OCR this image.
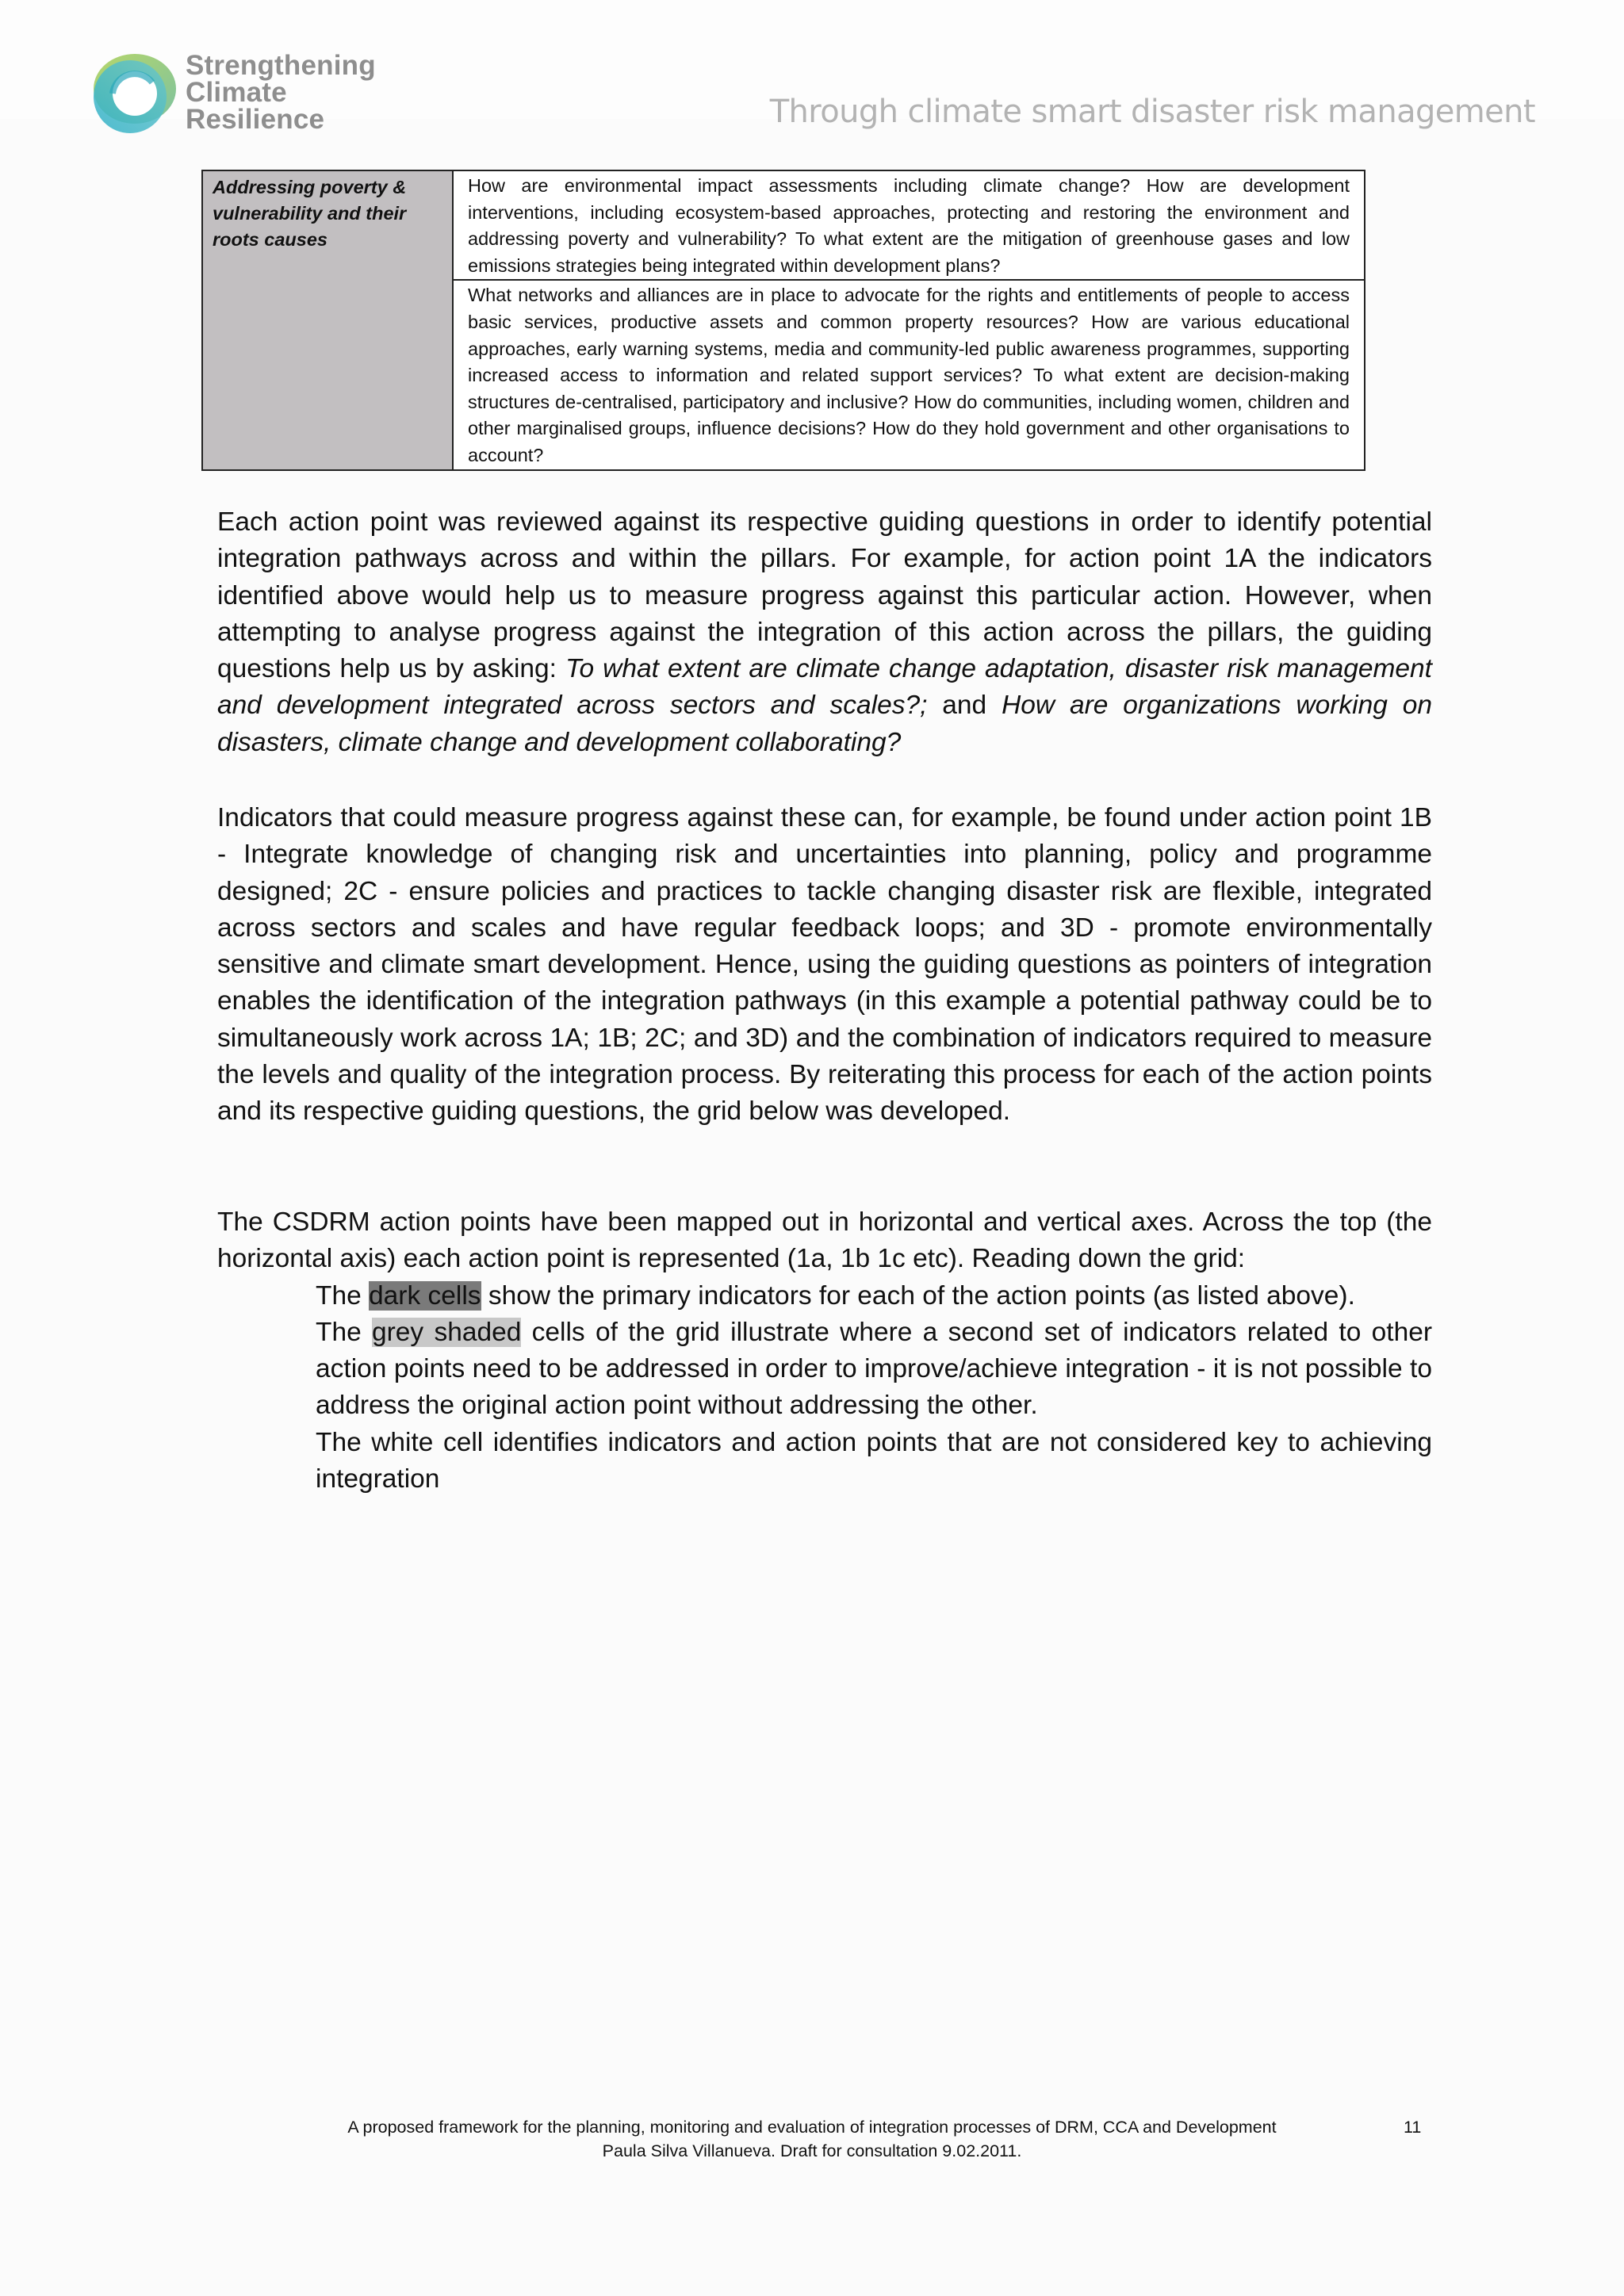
Strengthening
Climate
Resilience	Through climate smart disaster risk management
Addressing poverty & vulnerability and their roots causes	How are environmental impact assessments including climate change? How are development interventions, including ecosystem-based approaches, protecting and restoring the environment and addressing poverty and vulnerability? To what extent are the mitigation of greenhouse gases and low emissions strategies being integrated within development plans?
What networks and alliances are in place to advocate for the rights and entitlements of people to access basic services, productive assets and common property resources? How are various educational approaches, early warning systems, media and community-led public awareness programmes, supporting increased access to information and related support services? To what extent are decision-making structures de-centralised, participatory and inclusive? How do communities, including women, children and other marginalised groups, influence decisions? How do they hold government and other organisations to account?

Each action point was reviewed against its respective guiding questions in order to identify potential integration pathways across and within the pillars. For example, for action point 1A the indicators identified above would help us to measure progress against this particular action. However, when attempting to analyse progress against the integration of this action across the pillars, the guiding questions help us by asking: To what extent are climate change adaptation, disaster risk management and development integrated across sectors and scales?; and How are organizations working on disasters, climate change and development collaborating?

Indicators that could measure progress against these can, for example, be found under action point 1B - Integrate knowledge of changing risk and uncertainties into planning, policy and programme designed; 2C - ensure policies and practices to tackle changing disaster risk are flexible, integrated across sectors and scales and have regular feedback loops; and 3D - promote environmentally sensitive and climate smart development. Hence, using the guiding questions as pointers of integration enables the identification of the integration pathways (in this example a potential pathway could be to simultaneously work across 1A; 1B; 2C; and 3D) and the combination of indicators required to measure the levels and quality of the integration process. By reiterating this process for each of the action points and its respective guiding questions, the grid below was developed.

The CSDRM action points have been mapped out in horizontal and vertical axes. Across the top (the horizontal axis) each action point is represented (1a, 1b 1c etc). Reading down the grid:

The dark cells show the primary indicators for each of the action points (as listed above).

The grey shaded cells of the grid illustrate where a second set of indicators related to other action points need to be addressed in order to improve/achieve integration - it is not possible to address the original action point without addressing the other.

The white cell identifies indicators and action points that are not considered key to achieving integration

A proposed framework for the planning, monitoring and evaluation of integration processes of DRM, CCA and Development
Paula Silva Villanueva. Draft for consultation 9.02.2011.
11
